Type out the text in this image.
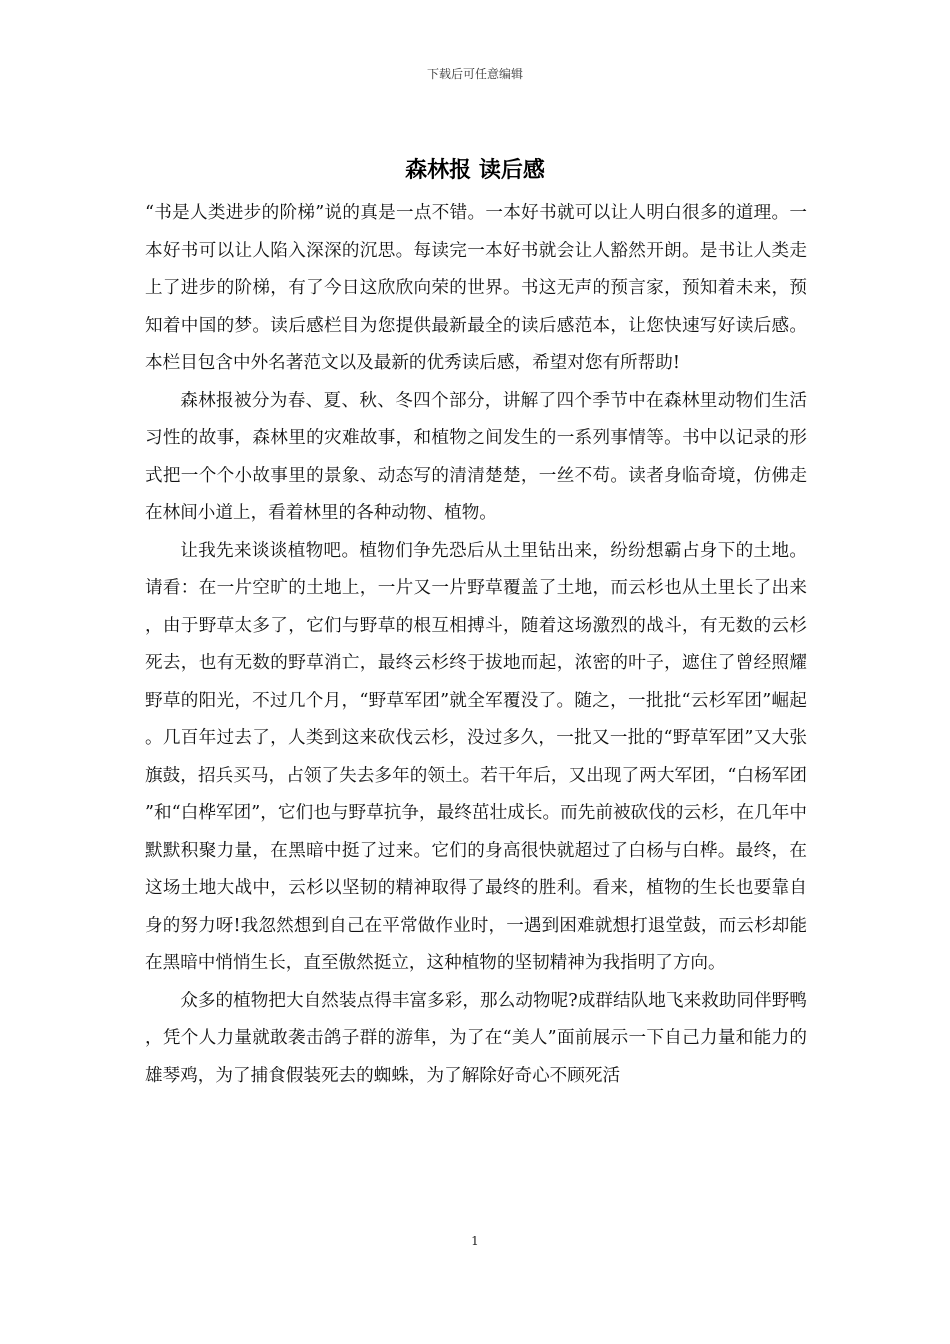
下载后可任意编辑
森林报 读后感

“书是人类进步的阶梯”说的真是一点不错。一本好书就可以让人明白很多的道理。一本好书可以让人陷入深深的沉思。每读完一本好书就会让人豁然开朗。是书让人类走上了进步的阶梯，有了今日这欣欣向荣的世界。书这无声的预言家，预知着未来，预知着中国的梦。读后感栏目为您提供最新最全的读后感范本，让您快速写好读后感。本栏目包含中外名著范文以及最新的优秀读后感，希望对您有所帮助!

森林报被分为春、夏、秋、冬四个部分，讲解了四个季节中在森林里动物们生活习性的故事，森林里的灾难故事，和植物之间发生的一系列事情等。书中以记录的形式把一个个小故事里的景象、动态写的清清楚楚，一丝不苟。读者身临奇境，仿佛走在林间小道上，看着林里的各种动物、植物。

让我先来谈谈植物吧。植物们争先恐后从土里钻出来，纷纷想霸占身下的土地。请看：在一片空旷的土地上，一片又一片野草覆盖了土地，而云杉也从土里长了出来，由于野草太多了，它们与野草的根互相搏斗，随着这场激烈的战斗，有无数的云杉死去，也有无数的野草消亡，最终云杉终于拔地而起，浓密的叶子，遮住了曾经照耀野草的阳光，不过几个月，“野草军团”就全军覆没了。随之，一批批“云杉军团”崛起。几百年过去了，人类到这来砍伐云杉，没过多久，一批又一批的“野草军团”又大张旗鼓，招兵买马，占领了失去多年的领土。若干年后，又出现了两大军团，“白杨军团”和“白桦军团”，它们也与野草抗争，最终茁壮成长。而先前被砍伐的云杉，在几年中默默积聚力量，在黑暗中挺了过来。它们的身高很快就超过了白杨与白桦。最终，在这场土地大战中，云杉以坚韧的精神取得了最终的胜利。看来，植物的生长也要靠自身的努力呀!我忽然想到自己在平常做作业时，一遇到困难就想打退堂鼓，而云杉却能在黑暗中悄悄生长，直至傲然挺立，这种植物的坚韧精神为我指明了方向。

众多的植物把大自然装点得丰富多彩，那么动物呢?成群结队地飞来救助同伴野鸭，凭个人力量就敢袭击鸽子群的游隼，为了在“美人”面前展示一下自己力量和能力的雄琴鸡，为了捕食假装死去的蜘蛛，为了解除好奇心不顾死活

1
